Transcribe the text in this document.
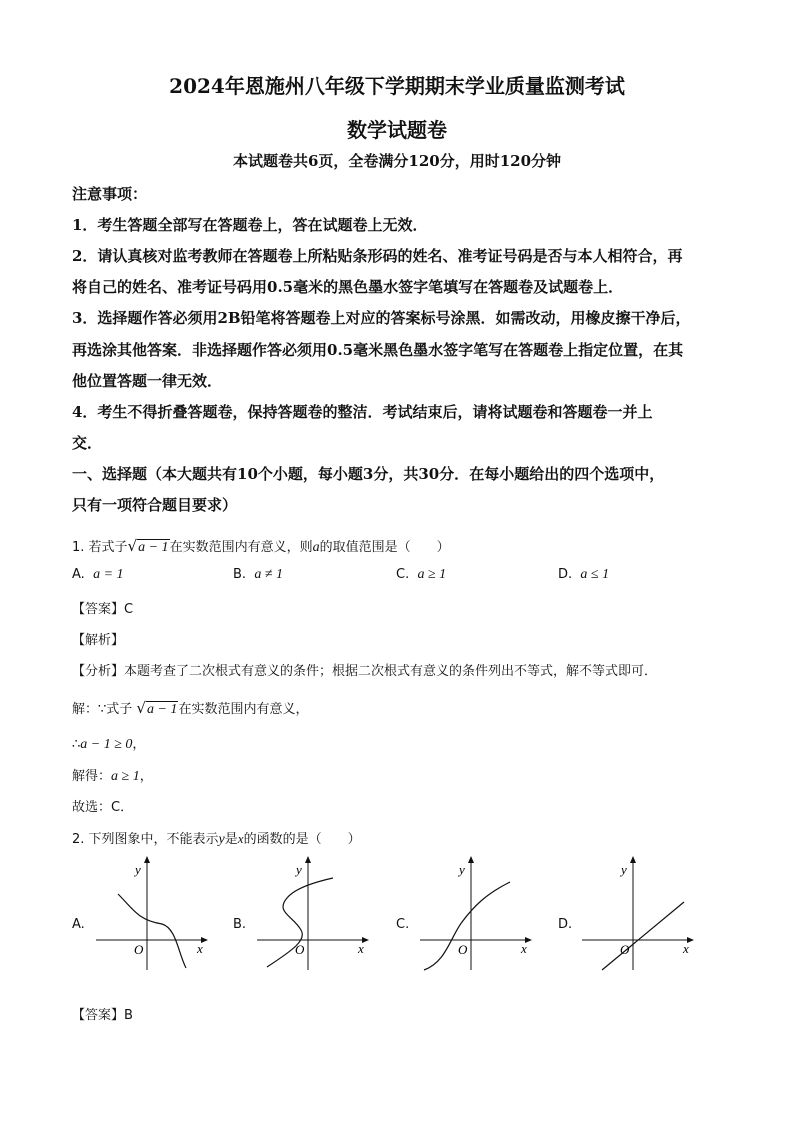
2024年恩施州八年级下学期期末学业质量监测考试
数学试题卷
本试题卷共6页，全卷满分120分，用时120分钟
注意事项：
1．考生答题全部写在答题卷上，答在试题卷上无效．
2．请认真核对监考教师在答题卷上所粘贴条形码的姓名、准考证号码是否与本人相符合，再
将自己的姓名、准考证号码用0.5毫米的黑色墨水签字笔填写在答题卷及试题卷上．
3．选择题作答必须用2B铅笔将答题卷上对应的答案标号涂黑．如需改动，用橡皮擦干净后，
再选涂其他答案．非选择题作答必须用0.5毫米黑色墨水签字笔写在答题卷上指定位置，在其
他位置答题一律无效．
4．考生不得折叠答题卷，保持答题卷的整洁．考试结束后，请将试题卷和答题卷一并上
交．
一、选择题（本大题共有10个小题，每小题3分，共30分．在每小题给出的四个选项中，
只有一项符合题目要求）
1. 若式子√a − 1在实数范围内有意义，则a的取值范围是（　　）
A. a = 1	B. a ≠ 1	C. a ≥ 1	D. a ≤ 1
【答案】C
【解析】
【分析】本题考查了二次根式有意义的条件；根据二次根式有意义的条件列出不等式，解不等式即可．
解：∵式子 √a − 1在实数范围内有意义，
∴a − 1 ≥ 0，
解得：a ≥ 1，
故选：C．
2. 下列图象中，不能表示y是x的函数的是（　　）
A.
x
y
O
B.
x
y
O
C.
x
y
O
D.
x
y
O
【答案】B
